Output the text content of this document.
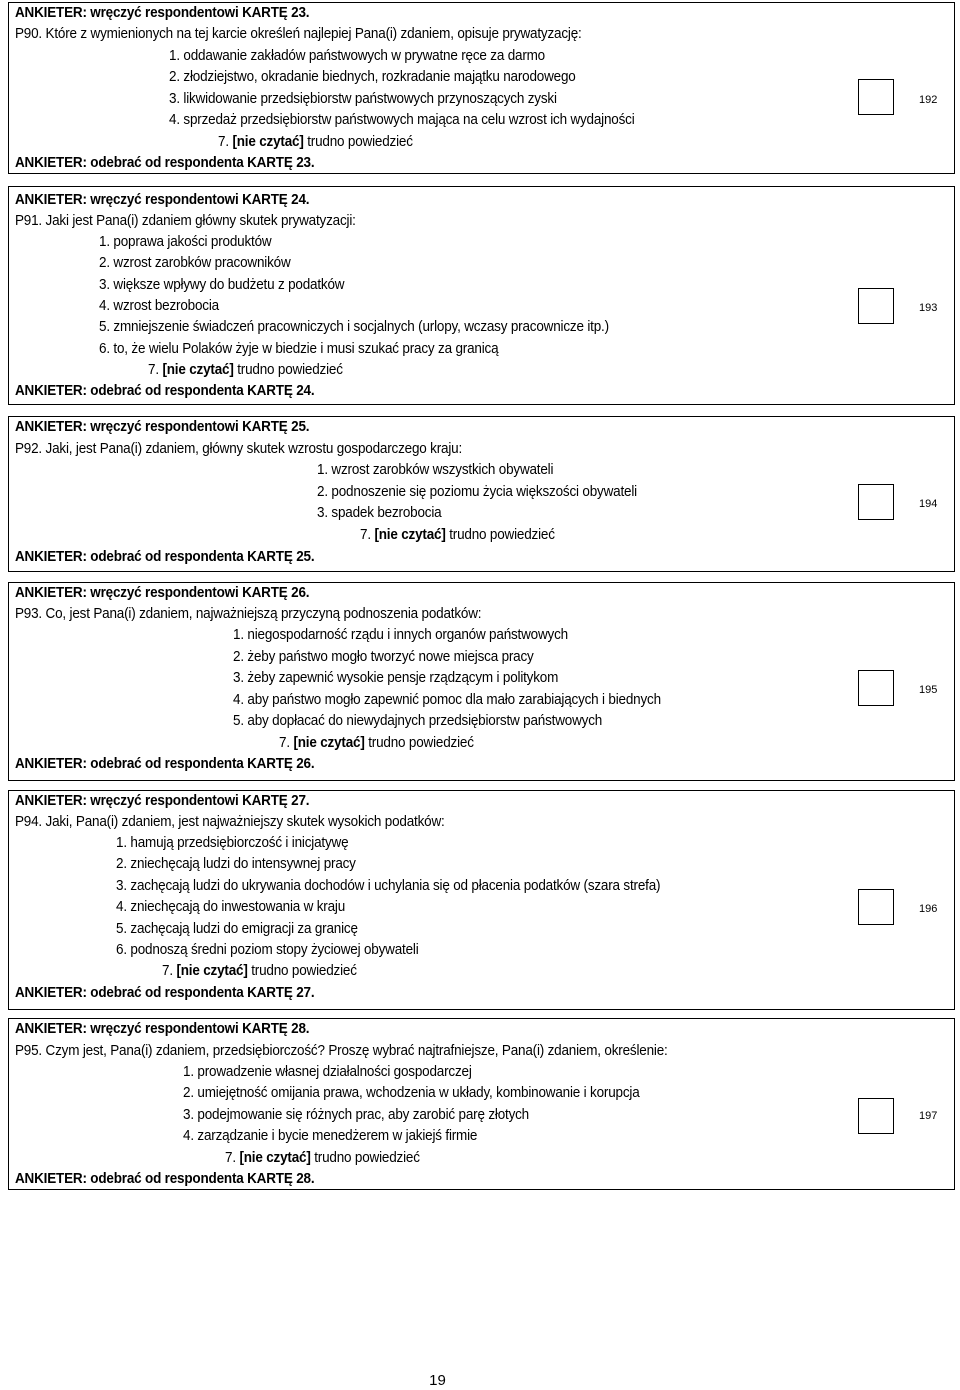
ANKIETER: wręczyć respondentowi KARTĘ 23.
P90. Które z wymienionych na tej karcie określeń najlepiej Pana(i) zdaniem, opisuje prywatyzację:
1. oddawanie zakładów państwowych w prywatne ręce za darmo
2. złodziejstwo, okradanie biednych, rozkradanie majątku narodowego
3. likwidowanie przedsiębiorstw państwowych przynoszących zyski
4. sprzedaż przedsiębiorstw państwowych mająca na celu wzrost ich wydajności
7. [nie czytać] trudno powiedzieć
ANKIETER: odebrać od respondenta KARTĘ 23.
192
ANKIETER: wręczyć respondentowi KARTĘ 24.
P91. Jaki jest Pana(i) zdaniem główny skutek prywatyzacji:
1. poprawa jakości produktów
2. wzrost zarobków pracowników
3. większe wpływy do budżetu z podatków
4. wzrost bezrobocia
5. zmniejszenie świadczeń pracowniczych i socjalnych (urlopy, wczasy pracownicze itp.)
6. to, że wielu Polaków żyje w biedzie i musi szukać pracy za granicą
7. [nie czytać] trudno powiedzieć
ANKIETER: odebrać od respondenta KARTĘ 24.
193
ANKIETER: wręczyć respondentowi KARTĘ 25.
P92. Jaki, jest Pana(i) zdaniem, główny skutek wzrostu gospodarczego kraju:
1. wzrost zarobków wszystkich obywateli
2. podnoszenie się poziomu życia większości obywateli
3. spadek bezrobocia
7. [nie czytać] trudno powiedzieć
ANKIETER: odebrać od respondenta KARTĘ 25.
194
ANKIETER: wręczyć respondentowi KARTĘ 26.
P93. Co, jest Pana(i) zdaniem, najważniejszą przyczyną podnoszenia podatków:
1. niegospodarność rządu i innych organów państwowych
2. żeby państwo mogło tworzyć nowe miejsca pracy
3. żeby zapewnić wysokie pensje rządzącym i politykom
4. aby państwo mogło zapewnić pomoc dla mało zarabiających i biednych
5. aby dopłacać do niewydajnych przedsiębiorstw państwowych
7. [nie czytać] trudno powiedzieć
ANKIETER: odebrać od respondenta KARTĘ 26.
195
ANKIETER: wręczyć respondentowi KARTĘ 27.
P94. Jaki, Pana(i) zdaniem, jest najważniejszy skutek wysokich podatków:
1. hamują przedsiębiorczość i inicjatywę
2. zniechęcają ludzi do intensywnej pracy
3. zachęcają ludzi do ukrywania dochodów i uchylania się od płacenia podatków (szara strefa)
4. zniechęcają do inwestowania w kraju
5. zachęcają ludzi do emigracji za granicę
6. podnoszą średni poziom stopy życiowej obywateli
7. [nie czytać] trudno powiedzieć
ANKIETER: odebrać od respondenta KARTĘ 27.
196
ANKIETER: wręczyć respondentowi KARTĘ 28.
P95. Czym jest, Pana(i) zdaniem, przedsiębiorczość? Proszę wybrać najtrafniejsze, Pana(i) zdaniem, określenie:
1. prowadzenie własnej działalności gospodarczej
2. umiejętność omijania prawa, wchodzenia w układy, kombinowanie i korupcja
3. podejmowanie się różnych prac, aby zarobić parę złotych
4. zarządzanie i bycie menedżerem w jakiejś firmie
7. [nie czytać] trudno powiedzieć
ANKIETER: odebrać od respondenta KARTĘ 28.
197
19
